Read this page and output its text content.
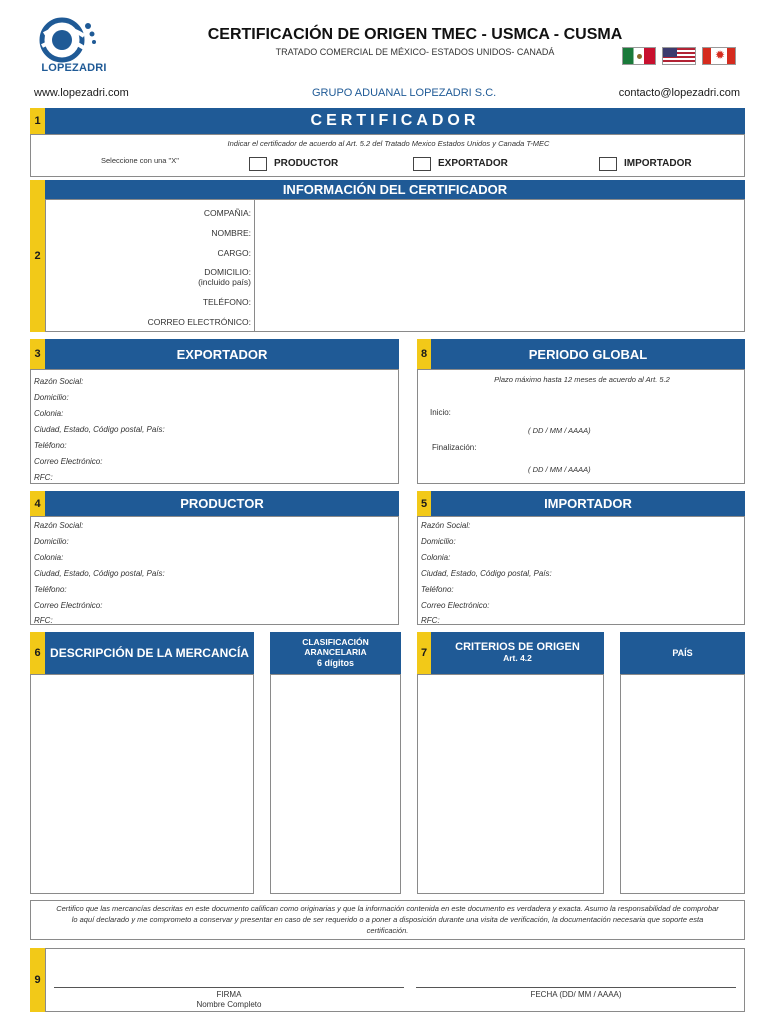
LOPEZADRI
CERTIFICACIÓN DE ORIGEN TMEC - USMCA - CUSMA
TRATADO COMERCIAL DE MÉXICO- ESTADOS UNIDOS- CANADÁ
✹
www.lopezadri.com	GRUPO ADUANAL LOPEZADRI S.C.	contacto@lopezadri.com
1	CERTIFICADOR
Indicar el certificador de acuerdo al Art. 5.2 del Tratado Mexico Estados Unidos y Canada T-MEC
Seleccione con una "X"	PRODUCTOR	EXPORTADOR	IMPORTADOR
2
INFORMACIÓN DEL CERTIFICADOR
COMPAÑIA:
NOMBRE:
CARGO:
DOMICILIO:
(incluido país)
TELÉFONO:
CORREO ELECTRÓNICO:
3	EXPORTADOR
Razón Social:
Domicilio:
Colonia:
Ciudad, Estado, Código postal, País:
Teléfono:
Correo Electrónico:
RFC:
8	PERIODO GLOBAL
Plazo máximo hasta 12 meses de acuerdo al Art. 5.2
Inicio:
( DD / MM / AAAA)
Finalización:
( DD / MM / AAAA)
4	PRODUCTOR
Razón Social:
Domicilio:
Colonia:
Ciudad, Estado, Código postal, País:
Teléfono:
Correo Electrónico:
RFC:
5	IMPORTADOR
Razón Social:
Domicilio:
Colonia:
Ciudad, Estado, Código postal, País:
Teléfono:
Correo Electrónico:
RFC:
6 DESCRIPCIÓN DE LA MERCANCÍA
CLASIFICACIÓN ARANCELARIA
6 dígitos
7	CRITERIOS DE ORIGEN
Art. 4.2	PAÍS
Certifico que las mercancías descritas en este documento califican como originarias y que la información contenida en este documento es verdadera y exacta. Asumo la responsabilidad de comprobar lo aquí declarado y me comprometo a conservar y presentar en caso de ser requerido o a poner a disposición durante una visita de verificación, la documentación necesaria que soporte esta certificación.
9
FIRMA
Nombre Completo
FECHA (DD/ MM / AAAA)
